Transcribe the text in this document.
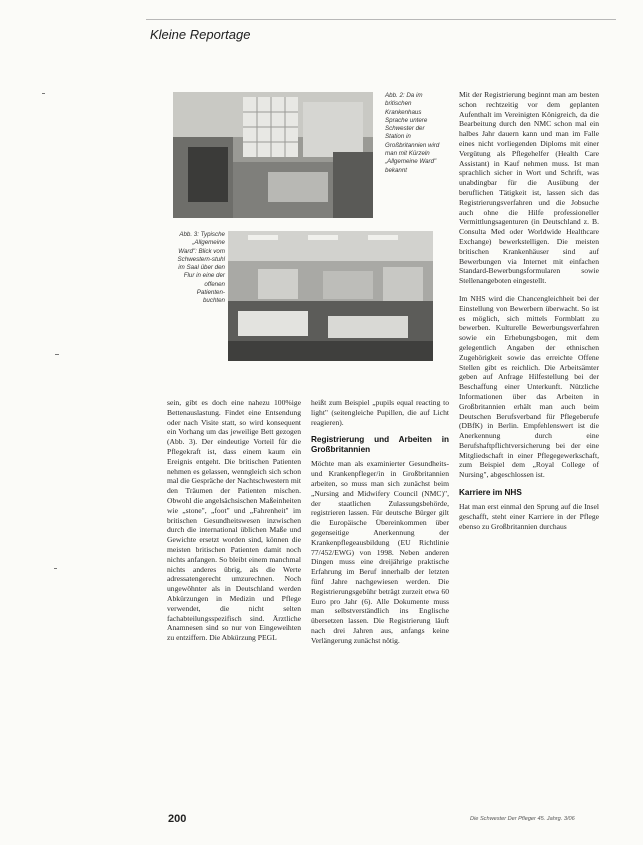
Kleine Reportage
Abb. 2: Da im britischen Krankenhaus Sprache untere Schwester der Station in Großbritannien wird man mit Kürzeln „Allgemeine Ward" bekannt
Abb. 3: Typische „Allgemeine Ward": Blick vom Schwestern-stuhl im Saal über den Flur in eine der offenen Patienten-buchten

sein, gibt es doch eine nahezu 100%ige Bettenauslastung. Findet eine Entsendung oder nach Visite statt, so wird konsequent ein Vorhang um das jeweilige Bett gezogen (Abb. 3). Der eindeutige Vorteil für die Pflegekraft ist, dass einem kaum ein Ereignis entgeht. Die britischen Patienten nehmen es gelassen, wenngleich sich schon mal die Gespräche der Nachtschwestern mit den Träumen der Patienten mischen. Obwohl die angelsächsischen Maßeinheiten wie „stone", „foot" und „Fahrenheit" im britischen Gesundheitswesen inzwischen durch die international üblichen Maße und Gewichte ersetzt worden sind, können die meisten britischen Patienten damit noch nichts anfangen. So bleibt einem manchmal nichts anderes übrig, als die Werte adressatengerecht umzurechnen. Noch ungewöhnter als in Deutschland werden Abkürzungen in Medizin und Pflege verwendet, die nicht selten fachabteilungsspezifisch sind. Ärztliche Anamnesen sind so nur von Eingeweihten zu entziffern. Die Abkürzung PEGL

heißt zum Beispiel „pupils equal reacting to light" (seitengleiche Pupillen, die auf Licht reagieren).

Registrierung und Arbeiten in Großbritannien

Möchte man als examinierter Gesundheits- und Krankenpfleger/in in Großbritannien arbeiten, so muss man sich zunächst beim „Nursing and Midwifery Council (NMC)", der staatlichen Zulassungsbehörde, registrieren lassen. Für deutsche Bürger gilt die Europäische Übereinkommen über gegenseitige Anerkennung der Krankenpflegeausbildung (EU Richtlinie 77/452/EWG) von 1998. Neben anderen Dingen muss eine dreijährige praktische Erfahrung im Beruf innerhalb der letzten fünf Jahre nachgewiesen werden. Die Registrierungsgebühr beträgt zurzeit etwa 60 Euro pro Jahr (6). Alle Dokumente muss man selbstverständlich ins Englische übersetzen lassen. Die Registrierung läuft nach drei Jahren aus, anfangs keine Verlängerung zunächst nötig.

Mit der Registrierung beginnt man am besten schon rechtzeitig vor dem geplanten Aufenthalt im Vereinigten Königreich, da die Bearbeitung durch den NMC schon mal ein halbes Jahr dauern kann und man im Falle eines nicht vorliegenden Diploms mit einer Vergütung als Pflegehelfer (Health Care Assistant) in Kauf nehmen muss. Ist man sprachlich sicher in Wort und Schrift, was unabdingbar für die Ausübung der beruflichen Tätigkeit ist, lassen sich das Registrierungsverfahren und die Jobsuche auch ohne die Hilfe professioneller Vermittlungsagenturen (in Deutschland z. B. Consulta Med oder Worldwide Healthcare Exchange) bewerkstelligen. Die meisten britischen Krankenhäuser sind auf Bewerbungen via Internet mit einfachen Standard-Bewerbungsformularen sowie Stellenangeboten eingestellt.

Im NHS wird die Chancengleichheit bei der Einstellung von Bewerbern überwacht. So ist es möglich, sich mittels Formblatt zu bewerben. Kulturelle Bewerbungsverfahren sowie ein Erhebungsbogen, mit dem gelegentlich Angaben der ethnischen Zugehörigkeit sowie das erreichte Offene Stellen gibt es reichlich. Die Arbeitsämter geben auf Anfrage Hilfestellung bei der Beschaffung einer Unterkunft. Nützliche Informationen über das Arbeiten in Großbritannien erhält man auch beim Deutschen Berufsverband für Pflegeberufe (DBfK) in Berlin. Empfehlenswert ist die Anerkennung durch eine Berufshaftpflichtversicherung bei der eine Mitgliedschaft in einer Pflegegewerkschaft, zum Beispiel dem „Royal College of Nursing", abgeschlossen ist.

Karriere im NHS

Hat man erst einmal den Sprung auf die Insel geschafft, steht einer Karriere in der Pflege ebenso zu Großbritannien durchaus

200	Die Schwester Der Pfleger 45. Jahrg. 3/06
